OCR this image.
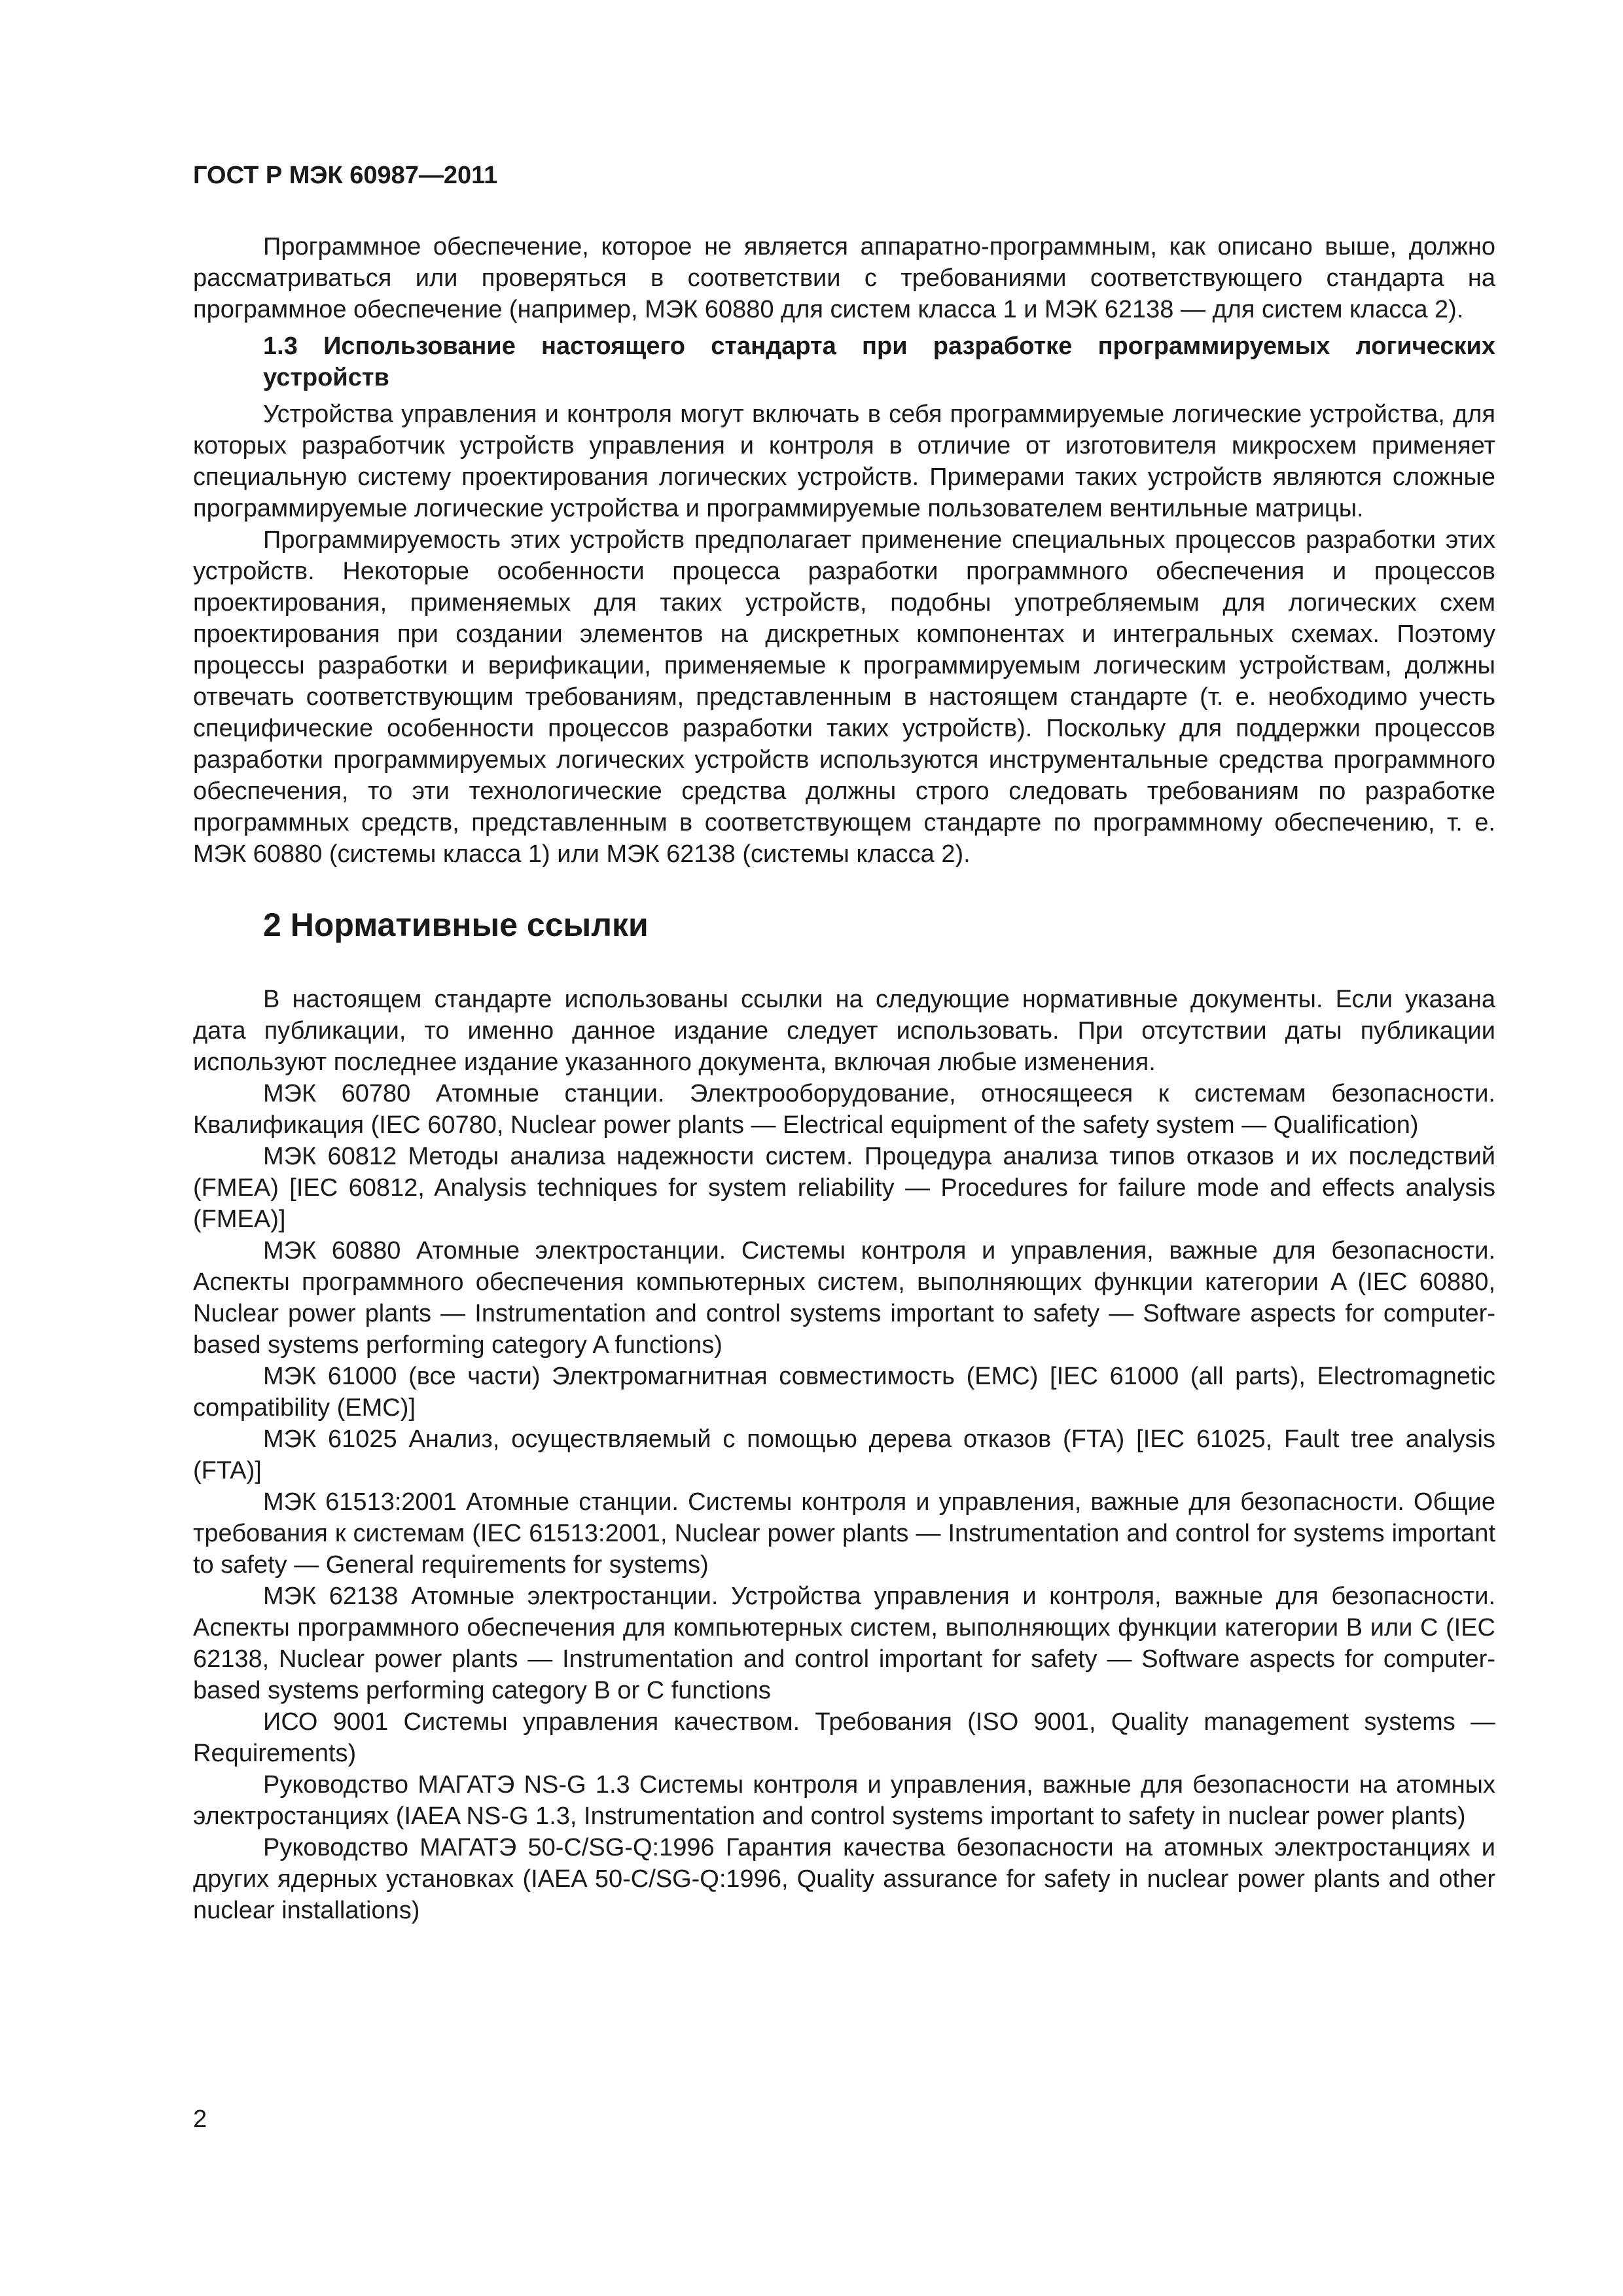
ГОСТ Р МЭК 60987—2011

Программное обеспечение, которое не является аппаратно-программным, как описано выше, должно рассматриваться или проверяться в соответствии с требованиями соответствующего стандарта на программное обеспечение (например, МЭК 60880 для систем класса 1 и МЭК 62138 — для систем класса 2).

1.3 Использование настоящего стандарта при разработке программируемых логических устройств

Устройства управления и контроля могут включать в себя программируемые логические устройства, для которых разработчик устройств управления и контроля в отличие от изготовителя микросхем применяет специальную систему проектирования логических устройств. Примерами таких устройств являются сложные программируемые логические устройства и программируемые пользователем вентильные матрицы.

Программируемость этих устройств предполагает применение специальных процессов разработки этих устройств. Некоторые особенности процесса разработки программного обеспечения и процессов проектирования, применяемых для таких устройств, подобны употребляемым для логических схем проектирования при создании элементов на дискретных компонентах и интегральных схемах. Поэтому процессы разработки и верификации, применяемые к программируемым логическим устройствам, должны отвечать соответствующим требованиям, представленным в настоящем стандарте (т. е. необходимо учесть специфические особенности процессов разработки таких устройств). Поскольку для поддержки процессов разработки программируемых логических устройств используются инструментальные средства программного обеспечения, то эти технологические средства должны строго следовать требованиям по разработке программных средств, представленным в соответствующем стандарте по программному обеспечению, т. е. МЭК 60880 (системы класса 1) или МЭК 62138 (системы класса 2).

2 Нормативные ссылки

В настоящем стандарте использованы ссылки на следующие нормативные документы. Если указана дата публикации, то именно данное издание следует использовать. При отсутствии даты публикации используют последнее издание указанного документа, включая любые изменения.

МЭК 60780 Атомные станции. Электрооборудование, относящееся к системам безопасности. Квалификация (IEC 60780, Nuclear power plants — Electrical equipment of the safety system — Qualification)

МЭК 60812 Методы анализа надежности систем. Процедура анализа типов отказов и их последствий (FMEA) [IEC 60812, Analysis techniques for system reliability — Procedures for failure mode and effects analysis (FMEA)]

МЭК 60880 Атомные электростанции. Системы контроля и управления, важные для безопасности. Аспекты программного обеспечения компьютерных систем, выполняющих функции категории A (IEC 60880, Nuclear power plants — Instrumentation and control systems important to safety — Software aspects for computer-based systems performing category A functions)

МЭК 61000 (все части) Электромагнитная совместимость (EMC) [IEC 61000 (all parts), Electromagnetic compatibility (EMC)]

МЭК 61025 Анализ, осуществляемый с помощью дерева отказов (FTA) [IEC 61025, Fault tree analysis (FTA)]

МЭК 61513:2001 Атомные станции. Системы контроля и управления, важные для безопасности. Общие требования к системам (IEC 61513:2001, Nuclear power plants — Instrumentation and control for systems important to safety — General requirements for systems)

МЭК 62138 Атомные электростанции. Устройства управления и контроля, важные для безопасности. Аспекты программного обеспечения для компьютерных систем, выполняющих функции категории B или C (IEC 62138, Nuclear power plants — Instrumentation and control important for safety — Software aspects for computer-based systems performing category B or C functions

ИСО 9001 Системы управления качеством. Требования (ISO 9001, Quality management systems — Requirements)

Руководство МАГАТЭ NS-G 1.3 Системы контроля и управления, важные для безопасности на атомных электростанциях (IAEA NS-G 1.3, Instrumentation and control systems important to safety in nuclear power plants)

Руководство МАГАТЭ 50-C/SG-Q:1996 Гарантия качества безопасности на атомных электростанциях и других ядерных установках (IAEA 50-C/SG-Q:1996, Quality assurance for safety in nuclear power plants and other nuclear installations)

2
